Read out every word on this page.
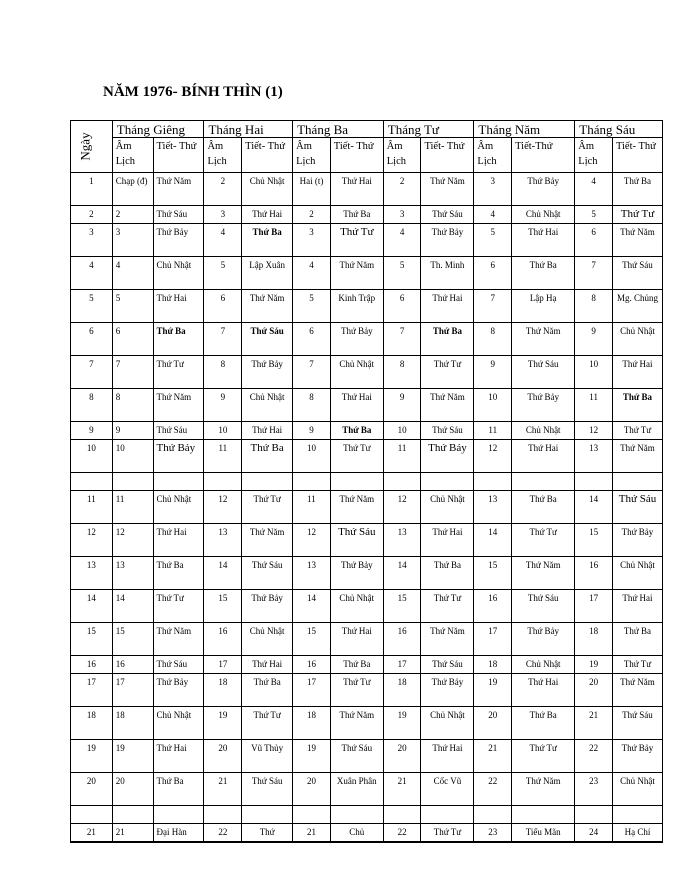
NĂM 1976- BÍNH THÌN (1)
Ngày	Tháng Giêng		Tháng Hai		Tháng Ba		Tháng Tư		Tháng Năm		Tháng Sáu	
	Âm Lịch	Tiết- Thứ	Âm Lịch	Tiết- Thứ	Âm Lịch	Tiết- Thứ	Âm Lịch	Tiết- Thứ	Âm Lịch	Tiết-Thứ	Âm Lịch	Tiết- Thứ
1	Chạp (đ)	Thứ Năm	2	Chủ Nhật	Hai (t)	Thứ Hai	2	Thứ Năm	3	Thứ Bảy	4	Thứ Ba
2	2	Thứ Sáu	3	Thứ Hai	2	Thứ Ba	3	Thứ Sáu	4	Chủ Nhật	5	Thứ Tư
3	3	Thứ Bảy	4	Thứ Ba	3	Thứ Tư	4	Thứ Bảy	5	Thứ Hai	6	Thứ Năm
4	4	Chủ Nhật	5	Lập Xuân	4	Thứ Năm	5	Th. Minh	6	Thứ Ba	7	Thứ Sáu
5	5	Thứ Hai	6	Thứ Năm	5	Kinh Trập	6	Thứ Hai	7	Lập Hạ	8	Mg. Chủng
6	6	Thứ Ba	7	Thứ Sáu	6	Thứ Bảy	7	Thứ Ba	8	Thứ Năm	9	Chủ Nhật
7	7	Thứ Tư	8	Thứ Bảy	7	Chủ Nhật	8	Thứ Tư	9	Thứ Sáu	10	Thứ Hai
8	8	Thứ Năm	9	Chủ Nhật	8	Thứ Hai	9	Thứ Năm	10	Thứ Bảy	11	Thứ Ba
9	9	Thứ Sáu	10	Thứ Hai	9	Thứ Ba	10	Thứ Sáu	11	Chủ Nhật	12	Thứ Tư
10	10	Thứ Bảy	11	Thứ Ba	10	Thứ Tư	11	Thứ Bảy	12	Thứ Hai	13	Thứ Năm

11	11	Chủ Nhật	12	Thứ Tư	11	Thứ Năm	12	Chủ Nhật	13	Thứ Ba	14	Thứ Sáu
12	12	Thứ Hai	13	Thứ Năm	12	Thứ Sáu	13	Thứ Hai	14	Thứ Tư	15	Thứ Bảy
13	13	Thứ Ba	14	Thứ Sáu	13	Thứ Bảy	14	Thứ Ba	15	Thứ Năm	16	Chủ Nhật
14	14	Thứ Tư	15	Thứ Bảy	14	Chủ Nhật	15	Thứ Tư	16	Thứ Sáu	17	Thứ Hai
15	15	Thứ Năm	16	Chủ Nhật	15	Thứ Hai	16	Thứ Năm	17	Thứ Bảy	18	Thứ Ba
16	16	Thứ Sáu	17	Thứ Hai	16	Thứ Ba	17	Thứ Sáu	18	Chủ Nhật	19	Thứ Tư
17	17	Thứ Bảy	18	Thứ Ba	17	Thứ Tư	18	Thứ Bảy	19	Thứ Hai	20	Thứ Năm
18	18	Chủ Nhật	19	Thứ Tư	18	Thứ Năm	19	Chủ Nhật	20	Thứ Ba	21	Thứ Sáu
19	19	Thứ Hai	20	Vũ Thủy	19	Thứ Sáu	20	Thứ Hai	21	Thứ Tư	22	Thứ Bảy
20	20	Thứ Ba	21	Thứ Sáu	20	Xuân Phân	21	Cốc Vũ	22	Thứ Năm	23	Chủ Nhật

21	21	Đại Hàn	22	Thứ	21	Chủ	22	Thứ Tư	23	Tiểu Mãn	24	Hạ Chí
